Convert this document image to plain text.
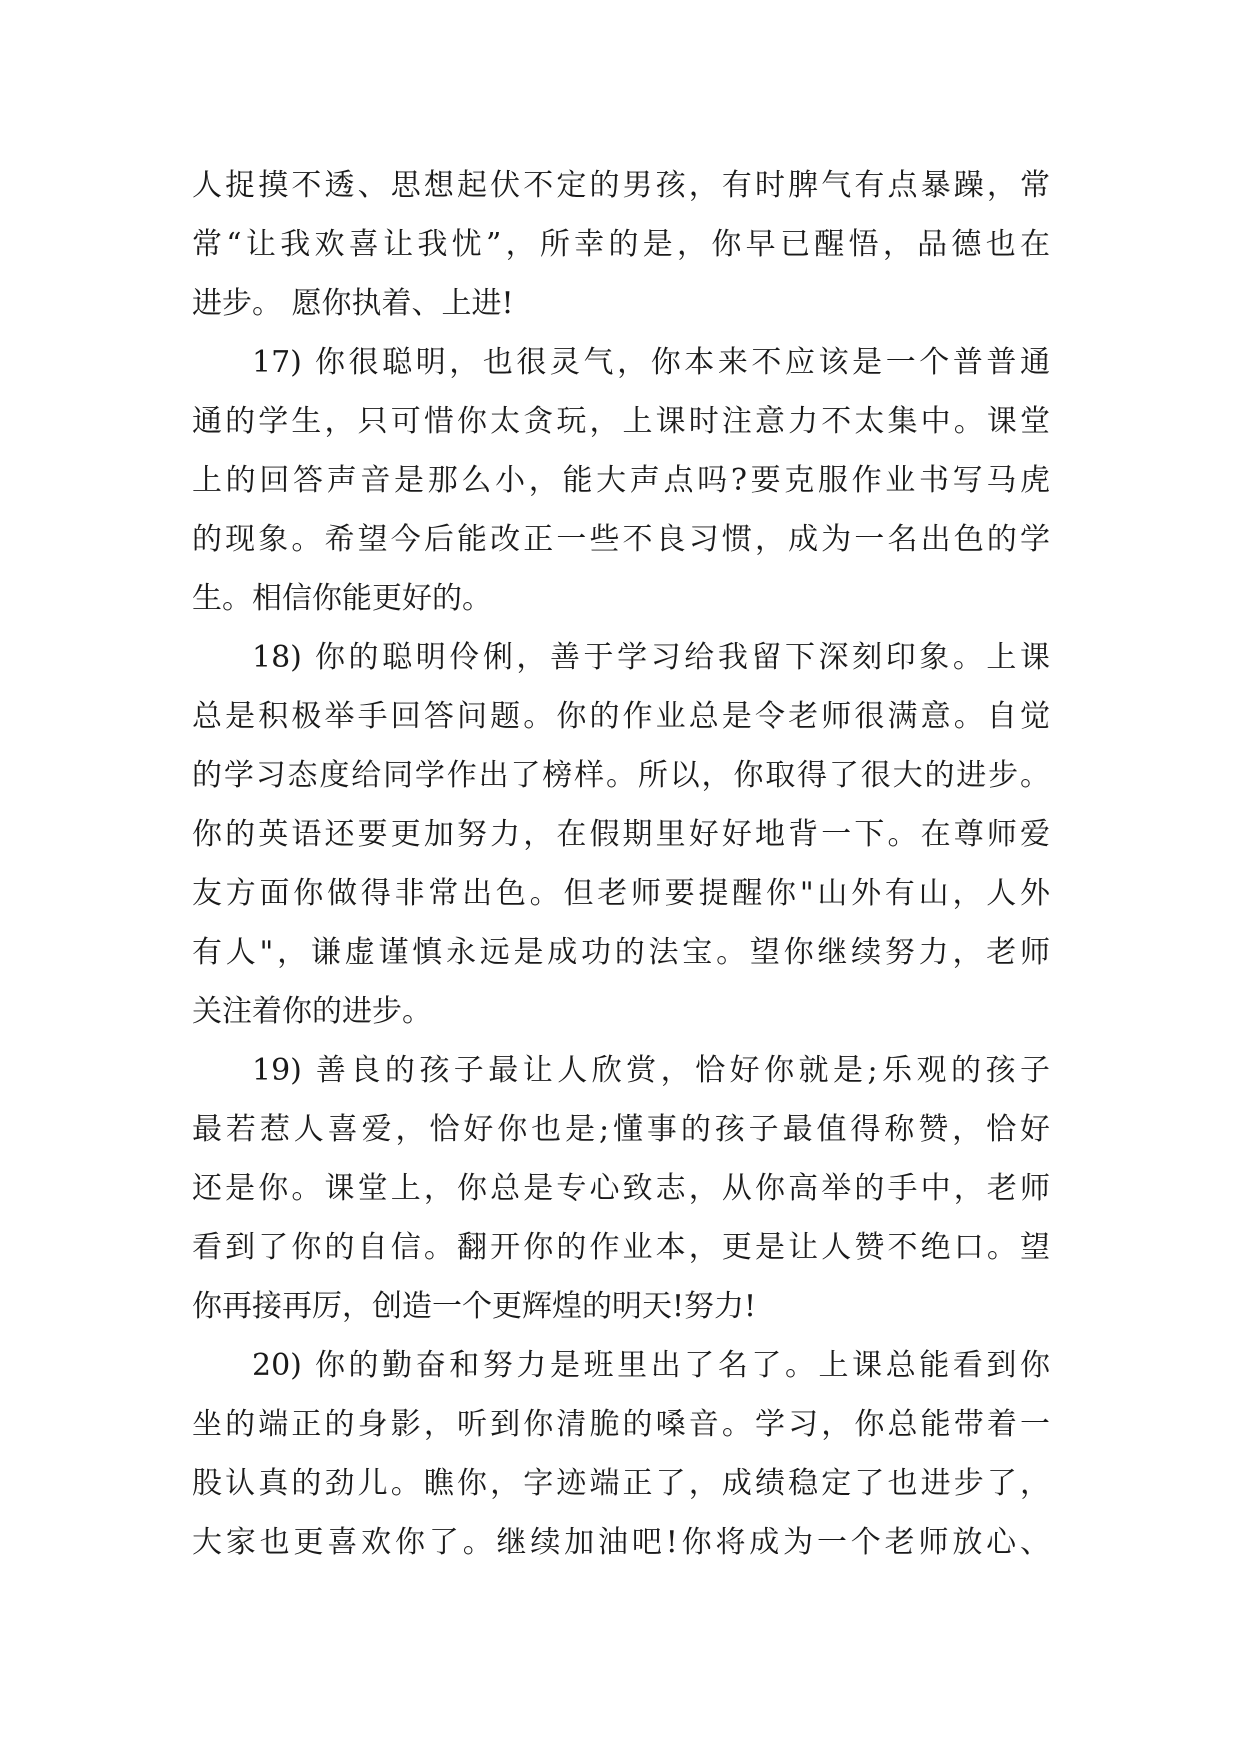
人捉摸不透、思想起伏不定的男孩，有时脾气有点暴躁，常
常“让我欢喜让我忧”，所幸的是，你早已醒悟，品德也在
进步。 愿你执着、上进!
17) 你很聪明，也很灵气，你本来不应该是一个普普通
通的学生，只可惜你太贪玩，上课时注意力不太集中。课堂
上的回答声音是那么小，能大声点吗?要克服作业书写马虎
的现象。希望今后能改正一些不良习惯，成为一名出色的学
生。相信你能更好的。
18) 你的聪明伶俐，善于学习给我留下深刻印象。上课
总是积极举手回答问题。你的作业总是令老师很满意。自觉
的学习态度给同学作出了榜样。所以，你取得了很大的进步。
你的英语还要更加努力，在假期里好好地背一下。在尊师爱
友方面你做得非常出色。但老师要提醒你"山外有山，人外
有人"，谦虚谨慎永远是成功的法宝。望你继续努力，老师
关注着你的进步。
19) 善良的孩子最让人欣赏，恰好你就是;乐观的孩子
最若惹人喜爱，恰好你也是;懂事的孩子最值得称赞，恰好
还是你。课堂上，你总是专心致志，从你高举的手中，老师
看到了你的自信。翻开你的作业本，更是让人赞不绝口。望
你再接再厉，创造一个更辉煌的明天!努力!
20) 你的勤奋和努力是班里出了名了。上课总能看到你
坐的端正的身影，听到你清脆的嗓音。学习，你总能带着一
股认真的劲儿。瞧你，字迹端正了，成绩稳定了也进步了，
大家也更喜欢你了。继续加油吧!你将成为一个老师放心、
